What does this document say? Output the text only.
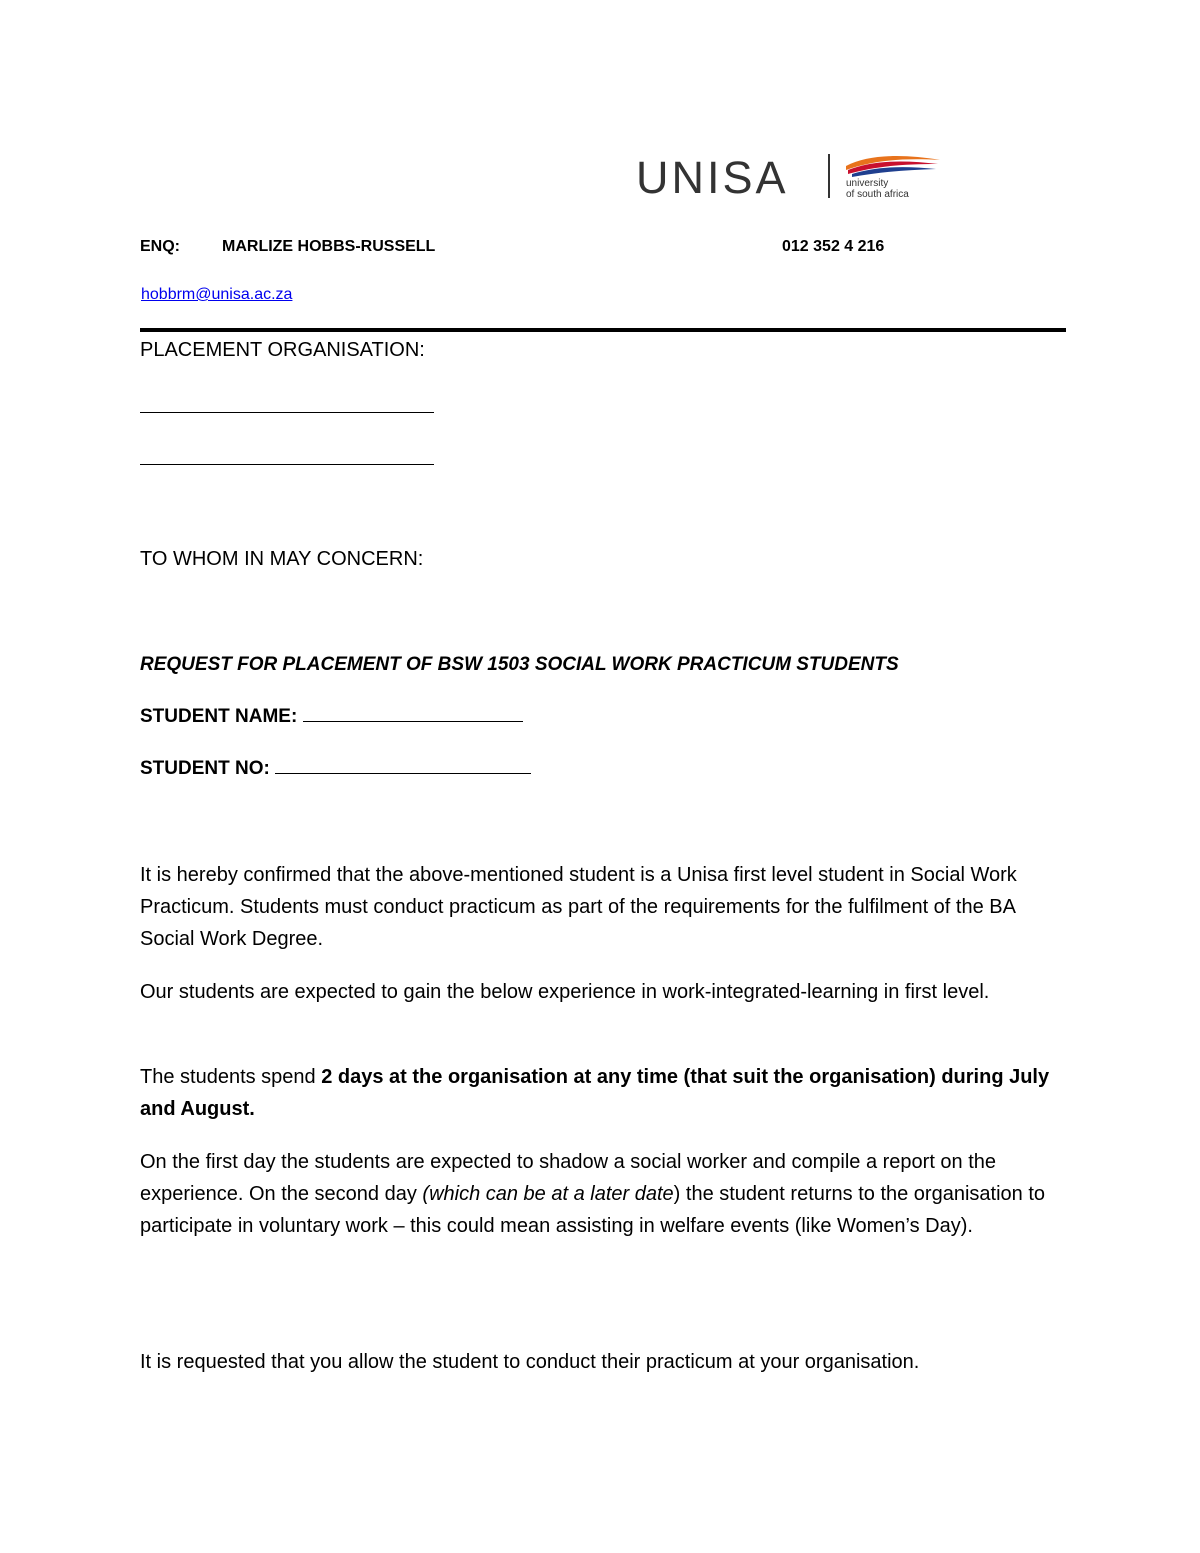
UNISA	university
of south africa
ENQ:	MARLIZE HOBBS-RUSSELL	012 352 4 216
hobbrm@unisa.ac.za
PLACEMENT ORGANISATION:
TO WHOM IN MAY CONCERN:
REQUEST FOR PLACEMENT OF BSW 1503 SOCIAL WORK PRACTICUM STUDENTS
STUDENT NAME:
STUDENT NO:
It is hereby confirmed that the above-mentioned student is a Unisa first level student in Social Work Practicum. Students must conduct practicum as part of the requirements for the fulfilment of the BA Social Work Degree.
Our students are expected to gain the below experience in work-integrated-learning in first level.
The students spend 2 days at the organisation at any time (that suit the organisation) during July and August.
On the first day the students are expected to shadow a social worker and compile a report on the experience. On the second day (which can be at a later date) the student returns to the organisation to participate in voluntary work – this could mean assisting in welfare events (like Women’s Day).
It is requested that you allow the student to conduct their practicum at your organisation.
